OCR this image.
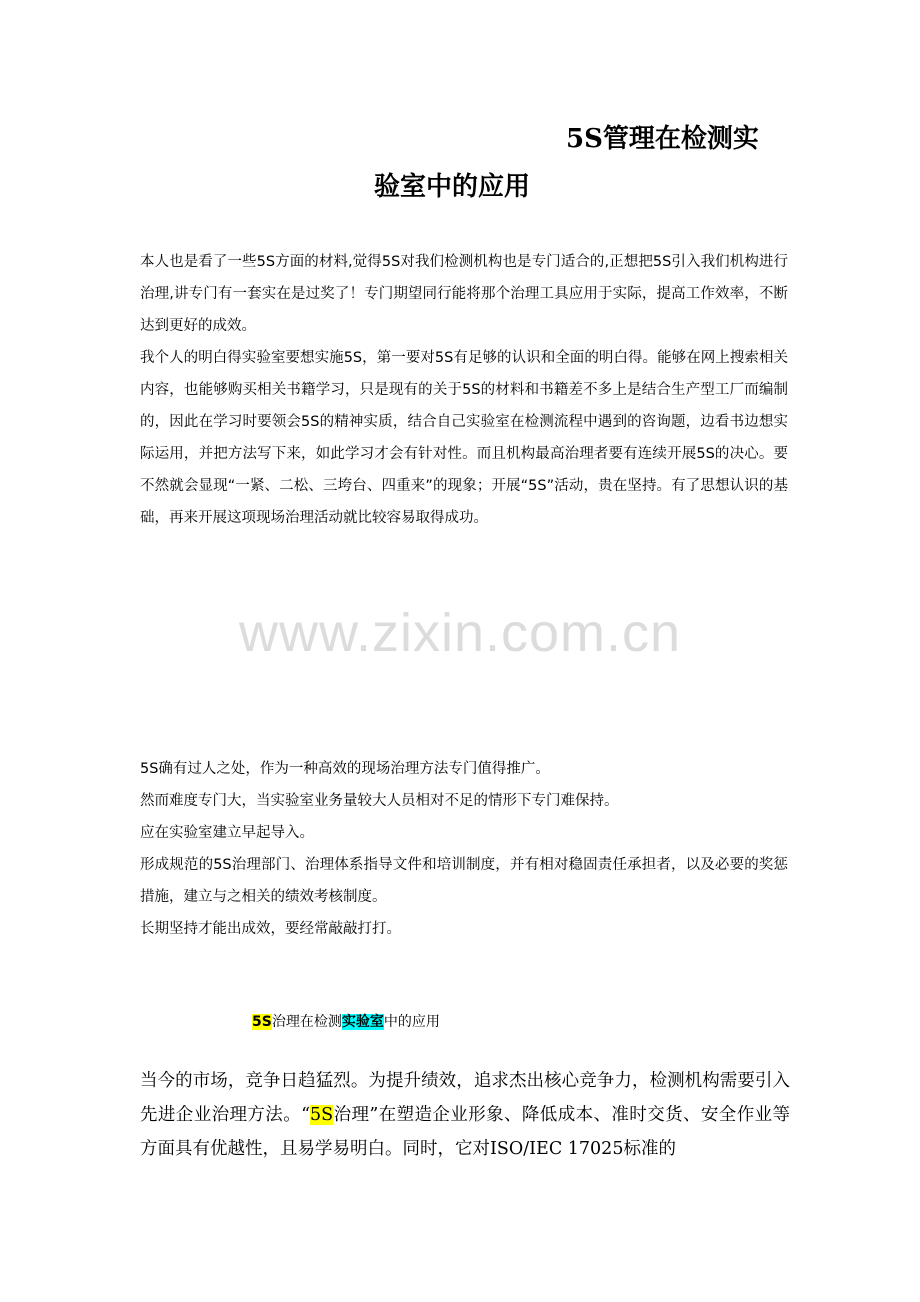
5S管理在检测实
验室中的应用

本人也是看了一些5S方面的材料,觉得5S对我们检测机构也是专门适合的,正想把5S引入我们机构进行治理,讲专门有一套实在是过奖了！专门期望同行能将那个治理工具应用于实际，提高工作效率，不断达到更好的成效。

我个人的明白得实验室要想实施5S，第一要对5S有足够的认识和全面的明白得。能够在网上搜索相关内容，也能够购买相关书籍学习，只是现有的关于5S的材料和书籍差不多上是结合生产型工厂而编制的，因此在学习时要领会5S的精神实质，结合自己实验室在检测流程中遇到的咨询题，边看书边想实际运用，并把方法写下来，如此学习才会有针对性。而且机构最高治理者要有连续开展5S的决心。要不然就会显现“一紧、二松、三垮台、四重来”的现象；开展“5S”活动，贵在坚持。有了思想认识的基础，再来开展这项现场治理活动就比较容易取得成功。

www.zixin.com.cn

5S确有过人之处，作为一种高效的现场治理方法专门值得推广。

然而难度专门大，当实验室业务量较大人员相对不足的情形下专门难保持。

应在实验室建立早起导入。

形成规范的5S治理部门、治理体系指导文件和培训制度，并有相对稳固责任承担者，以及必要的奖惩措施，建立与之相关的绩效考核制度。

长期坚持才能出成效，要经常敲敲打打。

5S治理在检测实验室中的应用

当今的市场，竞争日趋猛烈。为提升绩效，追求杰出核心竞争力，检测机构需要引入先进企业治理方法。“5S治理”在塑造企业形象、降低成本、准时交货、安全作业等方面具有优越性，且易学易明白。同时，它对ISO/IEC 17025标准的
